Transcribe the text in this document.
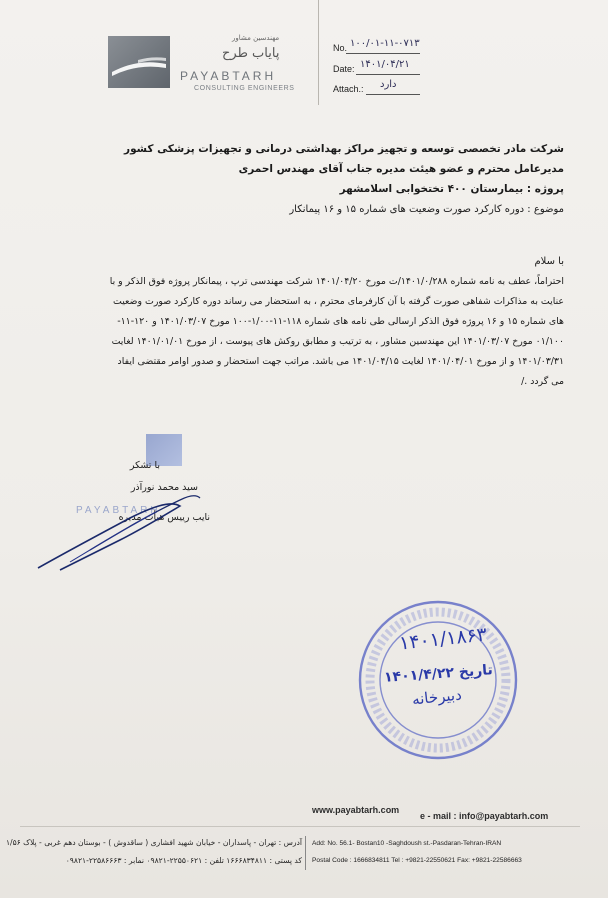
مهندسین مشاور
پایاب طرح
PAYABTARH
CONSULTING ENGINEERS
No. ۱۰۰/۰۱-۱۱-۰۷۱۳
Date: ۱۴۰۱/۰۴/۲۱
Attach.: دارد
شرکت مادر تخصصی توسعه و تجهیز مراکز بهداشتی درمانی و تجهیزات پزشکی کشور
مدیرعامل محترم و عضو هیئت مدیره جناب آقای مهندس احمری
پروژه : بیمارستان ۴۰۰ تختخوابی اسلامشهر
موضوع : دوره کارکرد صورت وضعیت های شماره ۱۵ و ۱۶ پیمانکار
با سلام
احتراماً، عطف به نامه شماره ۱۴۰۱/۰/۲۸۸/ت مورخ ۱۴۰۱/۰۴/۲۰ شرکت مهندسی ترپ ، پیمانکار پروژه فوق الذکر و با
عنایت به مذاکرات شفاهی صورت گرفته با آن کارفرمای محترم ، به استحضار می رساند دوره کارکرد صورت وضعیت
های شماره ۱۵ و ۱۶ پروژه فوق الذکر ارسالی طی نامه های شماره ۱۱۸-۱۱-۱/۰۰-۱۰۰ مورخ ۱۴۰۱/۰۳/۰۷ و ۱۲۰-۱۱-
۰۱/۱۰۰ مورخ ۱۴۰۱/۰۳/۰۷ این مهندسین مشاور ، به ترتیب و مطابق روکش های پیوست ، از مورخ ۱۴۰۱/۰۱/۰۱ لغایت
۱۴۰۱/۰۳/۳۱ و از مورخ ۱۴۰۱/۰۴/۰۱ لغایت ۱۴۰۱/۰۴/۱۵ می باشد. مراتب جهت استحضار و صدور اوامر مقتضی ایفاد
می گردد ./
با تشکر
سید محمد نورآذر
PAYABTARH
نایب رییس هیأت مدیره
۱۴۰۱/۱۸۶۳
تاریخ ۱۴۰۱/۴/۲۲
دبیرخانه
www.payabtarh.com
e - mail : info@payabtarh.com
آدرس : تهران - پاسداران - خیابان شهید افشاری ( ساقدوش ) - بوستان دهم غربی - پلاک ۱/۵۶
کد پستی : ۱۶۶۶۸۳۴۸۱۱ تلفن : ۲۲۵۵۰۶۲۱-۰۹۸۲۱ نمابر : ۲۲۵۸۶۶۶۳-۰۹۸۲۱
Add: No. 56.1- Bostan10 -Saghdoush st.-Pasdaran-Tehran-IRAN
Postal Code : 1666834811 Tel : +9821-22550621 Fax: +9821-22586663
